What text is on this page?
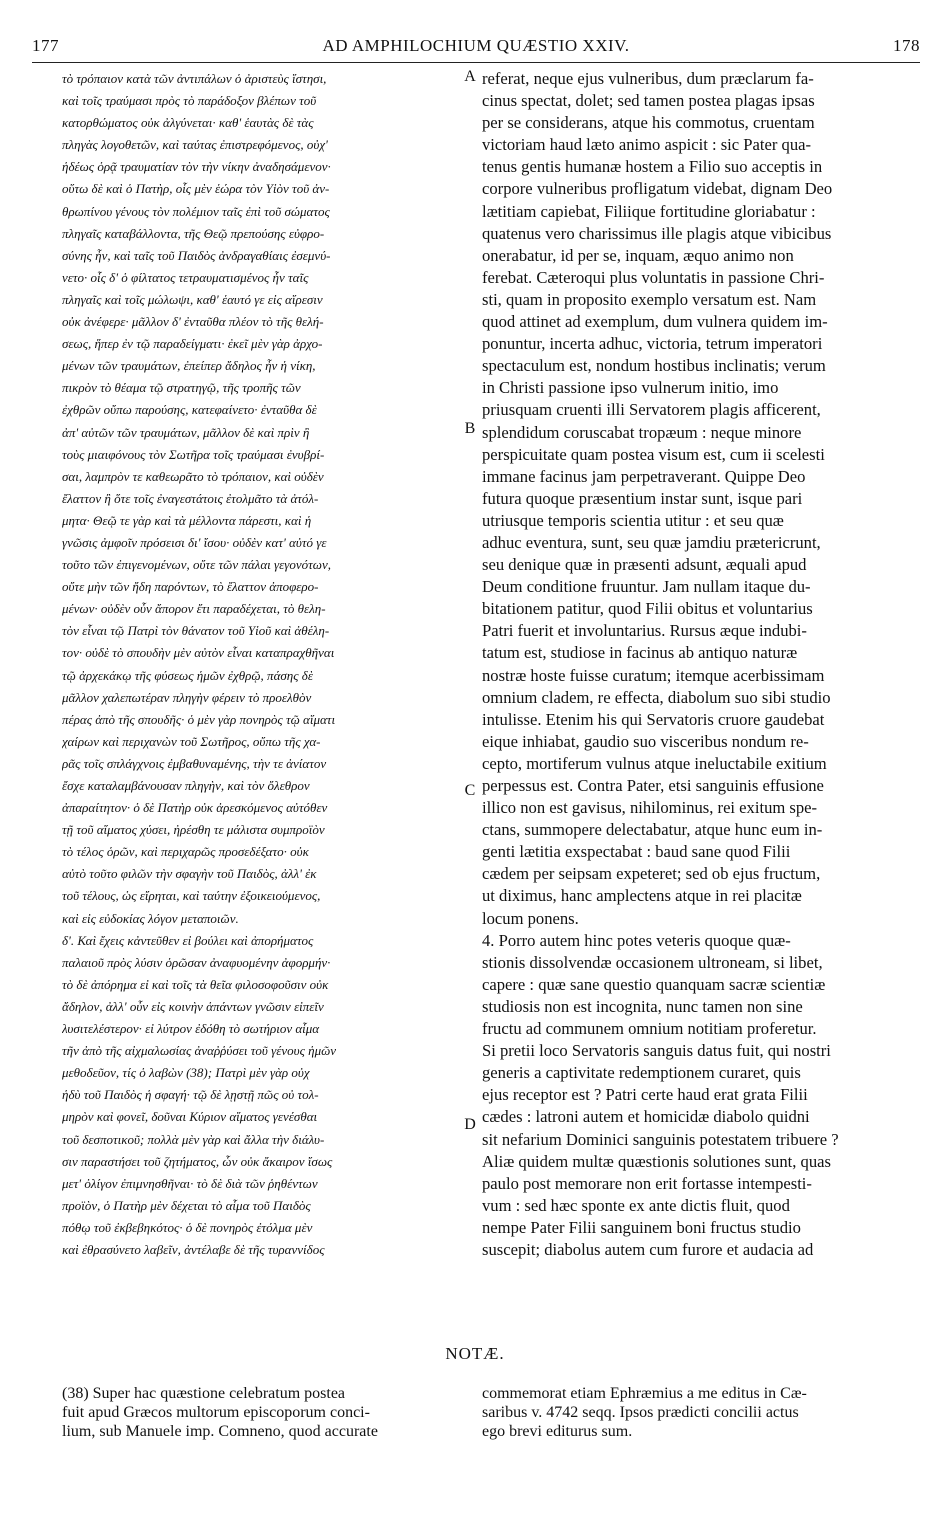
177	AD AMPHILOCHIUM QUÆSTIO XXIV.	178
τὸ τρόπαιον κατὰ τῶν ἀντιπάλων ὁ ἀριστεὺς ἵστησι,
καὶ τοῖς τραύμασι πρὸς τὸ παράδοξον βλέπων τοῦ
κατορθώματος οὐκ ἀλγύνεται· καθ' ἑαυτὰς δὲ τὰς
πληγὰς λογοθετῶν, καὶ ταύτας ἐπιστρεφόμενος, οὐχ'
ἡδέως ὁρᾷ τραυματίαν τὸν τὴν νίκην ἀναδησάμενον·
οὕτω δὲ καὶ ὁ Πατὴρ, οἷς μὲν ἑώρα τὸν Υἱὸν τοῦ ἀν-
θρωπίνου γένους τὸν πολέμιον ταῖς ἐπὶ τοῦ σώματος
πληγαῖς καταβάλλοντα, τῆς Θεῷ πρεπούσης εὐφρο-
σύνης ἦν, καὶ ταῖς τοῦ Παιδὸς ἀνδραγαθίαις ἐσεμνύ-
νετο· οἷς δ' ὁ φίλτατος τετραυματισμένος ἦν ταῖς
πληγαῖς καὶ τοῖς μώλωψι, καθ' ἑαυτό γε εἰς αἵρεσιν
οὐκ ἀνέφερε· μᾶλλον δ' ἐνταῦθα πλέον τὸ τῆς θελή-
σεως, ἥπερ ἐν τῷ παραδείγματι· ἐκεῖ μὲν γὰρ ἀρχο-
μένων τῶν τραυμάτων, ἐπείπερ ἄδηλος ἦν ἡ νίκη,
πικρὸν τὸ θέαμα τῷ στρατηγῷ, τῆς τροπῆς τῶν
ἐχθρῶν οὔπω παρούσης, κατεφαίνετο· ἐνταῦθα δὲ
ἀπ' αὐτῶν τῶν τραυμάτων, μᾶλλον δὲ καὶ πρὶν ἢ
τοὺς μιαιφόνους τὸν Σωτῆρα τοῖς τραύμασι ἐνυβρί-
σαι, λαμπρὸν τε καθεωρᾶτο τὸ τρόπαιον, καὶ οὐδὲν
ἔλαττον ἢ ὅτε τοῖς ἐναγεστάτοις ἐτολμᾶτο τὰ ἀτόλ-
μητα· Θεῷ τε γὰρ καὶ τὰ μέλλοντα πάρεστι, καὶ ἡ
γνῶσις ἀμφοῖν πρόσεισι δι' ἴσου· οὐδὲν κατ' αὐτό γε
τοῦτο τῶν ἐπιγενομένων, οὔτε τῶν πάλαι γεγονότων,
οὔτε μὴν τῶν ἤδη παρόντων, τὸ ἔλαττον ἀποφερο-
μένων· οὐδὲν οὖν ἄπορον ἔτι παραδέχεται, τὸ θελη-
τὸν εἶναι τῷ Πατρὶ τὸν θάνατον τοῦ Υἱοῦ καὶ ἀθέλη-
τον· οὐδὲ τὸ σπουδὴν μὲν αὐτὸν εἶναι καταπραχθῆναι
τῷ ἀρχεκάκῳ τῆς φύσεως ἡμῶν ἐχθρῷ, πάσης δὲ
μᾶλλον χαλεπωτέραν πληγὴν φέρειν τὸ προελθὸν
πέρας ἀπὸ τῆς σπουδῆς· ὁ μὲν γὰρ πονηρὸς τῷ αἵματι
χαίρων καὶ περιχανὼν τοῦ Σωτῆρος, οὔπω τῆς χα-
ρᾶς τοῖς σπλάγχνοις ἐμβαθυναμένης, τὴν τε ἀνίατον
ἔσχε καταλαμβάνουσαν πληγὴν, καὶ τὸν ὄλεθρον
ἀπαραίτητον· ὁ δὲ Πατὴρ οὐκ ἀρεσκόμενος αὐτόθεν
τῇ τοῦ αἵματος χύσει, ἠρέσθη τε μάλιστα συμπροϊὸν
τὸ τέλος ὁρῶν, καὶ περιχαρῶς προσεδέξατο· οὐκ
αὐτὸ τοῦτο φιλῶν τὴν σφαγὴν τοῦ Παιδὸς, ἀλλ' ἐκ
τοῦ τέλους, ὡς εἴρηται, καὶ ταύτην ἐξοικειούμενος,
καὶ εἰς εὐδοκίας λόγον μεταποιῶν.
δ'. Καὶ ἔχεις κἀντεῦθεν εἰ βούλει καὶ ἀπορήματος
παλαιοῦ πρὸς λύσιν ὁρῶσαν ἀναφυομένην ἀφορμήν·
τὸ δὲ ἀπόρημα εἰ καὶ τοῖς τὰ θεῖα φιλοσοφοῦσιν οὐκ
ἄδηλον, ἀλλ' οὖν εἰς κοινὴν ἁπάντων γνῶσιν εἰπεῖν
λυσιτελέστερον· εἰ λύτρον ἐδόθη τὸ σωτήριον αἷμα
τῆν ἀπὸ τῆς αἰχμαλωσίας ἀναῤῥύσει τοῦ γένους ἡμῶν
μεθοδεῦον, τίς ὁ λαβὼν (38); Πατρὶ μὲν γὰρ οὐχ
ἡδὺ τοῦ Παιδὸς ἡ σφαγή· τῷ δὲ λῃστῇ πῶς οὐ τολ-
μηρὸν καὶ φονεῖ, δοῦναι Κύριον αἵματος γενέσθαι
τοῦ δεσποτικοῦ; πολλὰ μὲν γὰρ καὶ ἄλλα τὴν διάλυ-
σιν παραστήσει τοῦ ζητήματος, ὧν οὐκ ἄκαιρον ἴσως
μετ' ὀλίγον ἐπιμνησθῆναι· τὸ δὲ διὰ τῶν ῥηθέντων
προϊὸν, ὁ Πατὴρ μὲν δέχεται τὸ αἷμα τοῦ Παιδὸς
πόθῳ τοῦ ἐκβεβηκότος· ὁ δὲ πονηρὸς ἐτόλμα μὲν
καὶ ἐθρασύνετο λαβεῖν, ἀντέλαβε δὲ τῆς τυραννίδος
A
B
C
D
referat, neque ejus vulneribus, dum præclarum fa-
cinus spectat, dolet; sed tamen postea plagas ipsas
per se considerans, atque his commotus, cruentam
victoriam haud læto animo aspicit : sic Pater qua-
tenus gentis humanæ hostem a Filio suo acceptis in
corpore vulneribus profligatum videbat, dignam Deo
lætitiam capiebat, Filiique fortitudine gloriabatur :
quatenus vero charissimus ille plagis atque vibicibus
onerabatur, id per se, inquam, æquo animo non
ferebat. Cæteroqui plus voluntatis in passione Chri-
sti, quam in proposito exemplo versatum est. Nam
quod attinet ad exemplum, dum vulnera quidem im-
ponuntur, incerta adhuc, victoria, tetrum imperatori
spectaculum est, nondum hostibus inclinatis; verum
in Christi passione ipso vulnerum initio, imo
priusquam cruenti illi Servatorem plagis afficerent,
splendidum coruscabat tropæum : neque minore
perspicuitate quam postea visum est, cum ii scelesti
immane facinus jam perpetraverant. Quippe Deo
futura quoque præsentium instar sunt, isque pari
utriusque temporis scientia utitur : et seu quæ
adhuc eventura, sunt, seu quæ jamdiu prætericrunt,
seu denique quæ in præsenti adsunt, æquali apud
Deum conditione fruuntur. Jam nullam itaque du-
bitationem patitur, quod Filii obitus et voluntarius
Patri fuerit et involuntarius. Rursus æque indubi-
tatum est, studiose in facinus ab antiquo naturæ
nostræ hoste fuisse curatum; itemque acerbissimam
omnium cladem, re effecta, diabolum suo sibi studio
intulisse. Etenim his qui Servatoris cruore gaudebat
eique inhiabat, gaudio suo visceribus nondum re-
cepto, mortiferum vulnus atque ineluctabile exitium
perpessus est. Contra Pater, etsi sanguinis effusione
illico non est gavisus, nihilominus, rei exitum spe-
ctans, summopere delectabatur, atque hunc eum in-
genti lætitia exspectabat : baud sane quod Filii
cædem per seipsam expeteret; sed ob ejus fructum,
ut diximus, hanc amplectens atque in rei placitæ
locum ponens.
4. Porro autem hinc potes veteris quoque quæ-
stionis dissolvendæ occasionem ultroneam, si libet,
capere : quæ sane questio quanquam sacræ scientiæ
studiosis non est incognita, nunc tamen non sine
fructu ad communem omnium notitiam proferetur.
Si pretii loco Servatoris sanguis datus fuit, qui nostri
generis a captivitate redemptionem curaret, quis
ejus receptor est ? Patri certe haud erat grata Filii
cædes : latroni autem et homicidæ diabolo quidni
sit nefarium Dominici sanguinis potestatem tribuere ?
Aliæ quidem multæ quæstionis solutiones sunt, quas
paulo post memorare non erit fortasse intempesti-
vum : sed hæc sponte ex ante dictis fluit, quod
nempe Pater Filii sanguinem boni fructus studio
suscepit; diabolus autem cum furore et audacia ad
NOTÆ.
(38) Super hac quæstione celebratum postea
fuit apud Græcos multorum episcoporum conci-
lium, sub Manuele imp. Comneno, quod accurate
commemorat etiam Ephræmius a me editus in Cæ-
saribus v. 4742 seqq. Ipsos prædicti concilii actus
ego brevi editurus sum.
